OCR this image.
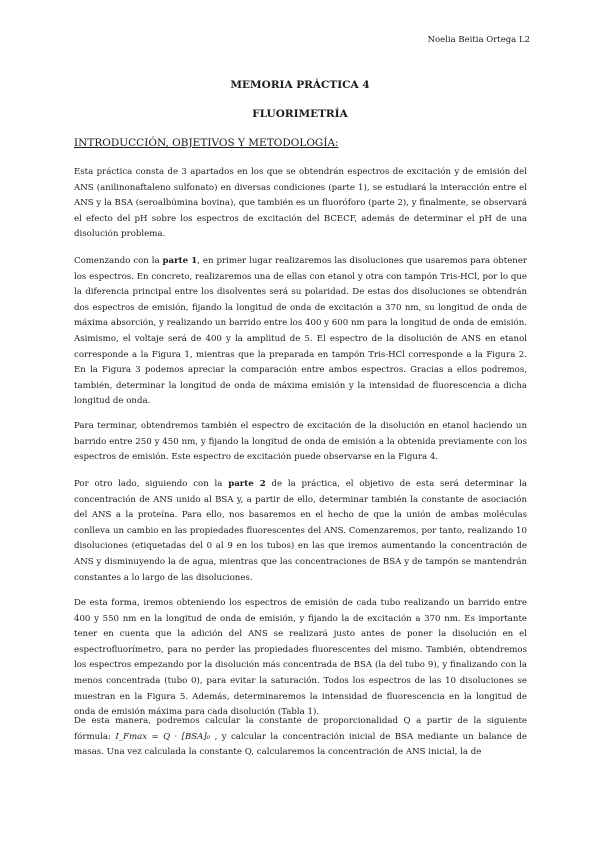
Noelia Beitia Ortega L2
MEMORIA PRÁCTICA 4
FLUORIMETRÍA
INTRODUCCIÓN, OBJETIVOS Y METODOLOGÍA:

Esta práctica consta de 3 apartados en los que se obtendrán espectros de excitación y de emisión del ANS (anilinonaftaleno sulfonato) en diversas condiciones (parte 1), se estudiará la interacción entre el ANS y la BSA (seroalbúmina bovina), que también es un fluoróforo (parte 2), y finalmente, se observará el efecto del pH sobre los espectros de excitación del BCECF, además de determinar el pH de una disolución problema.

Comenzando con la parte 1, en primer lugar realizaremos las disoluciones que usaremos para obtener los espectros. En concreto, realizaremos una de ellas con etanol y otra con tampón Tris-HCl, por lo que la diferencia principal entre los disolventes será su polaridad. De estas dos disoluciones se obtendrán dos espectros de emisión, fijando la longitud de onda de excitación a 370 nm, su longitud de onda de máxima absorción, y realizando un barrido entre los 400 y 600 nm para la longitud de onda de emisión. Asimismo, el voltaje será de 400 y la amplitud de 5. El espectro de la disolución de ANS en etanol corresponde a la Figura 1, mientras que la preparada en tampón Tris-HCl corresponde a la Figura 2. En la Figura 3 podemos apreciar la comparación entre ambos espectros. Gracias a ellos podremos, también, determinar la longitud de onda de máxima emisión y la intensidad de fluorescencia a dicha longitud de onda.

Para terminar, obtendremos también el espectro de excitación de la disolución en etanol haciendo un barrido entre 250 y 450 nm, y fijando la longitud de onda de emisión a la obtenida previamente con los espectros de emisión. Este espectro de excitación puede observarse en la Figura 4.

Por otro lado, siguiendo con la parte 2 de la práctica, el objetivo de esta será determinar la concentración de ANS unido al BSA y, a partir de ello, determinar también la constante de asociación del ANS a la proteína. Para ello, nos basaremos en el hecho de que la unión de ambas moléculas conlleva un cambio en las propiedades fluorescentes del ANS. Comenzaremos, por tanto, realizando 10 disoluciones (etiquetadas del 0 al 9 en los tubos) en las que iremos aumentando la concentración de ANS y disminuyendo la de agua, mientras que las concentraciones de BSA y de tampón se mantendrán constantes a lo largo de las disoluciones.

De esta forma, iremos obteniendo los espectros de emisión de cada tubo realizando un barrido entre 400 y 550 nm en la longitud de onda de emisión, y fijando la de excitación a 370 nm. Es importante tener en cuenta que la adición del ANS se realizará justo antes de poner la disolución en el espectrofluorímetro, para no perder las propiedades fluorescentes del mismo. También, obtendremos los espectros empezando por la disolución más concentrada de BSA (la del tubo 9), y finalizando con la menos concentrada (tubo 0), para evitar la saturación. Todos los espectros de las 10 disoluciones se muestran en la Figura 5. Además, determinaremos la intensidad de fluorescencia en la longitud de onda de emisión máxima para cada disolución (Tabla 1).

De esta manera, podremos calcular la constante de proporcionalidad Q a partir de la siguiente fórmula: I_Fmax = Q · [BSA]₀ , y calcular la concentración inicial de BSA mediante un balance de masas. Una vez calculada la constante Q, calcularemos la concentración de ANS inicial, la de
